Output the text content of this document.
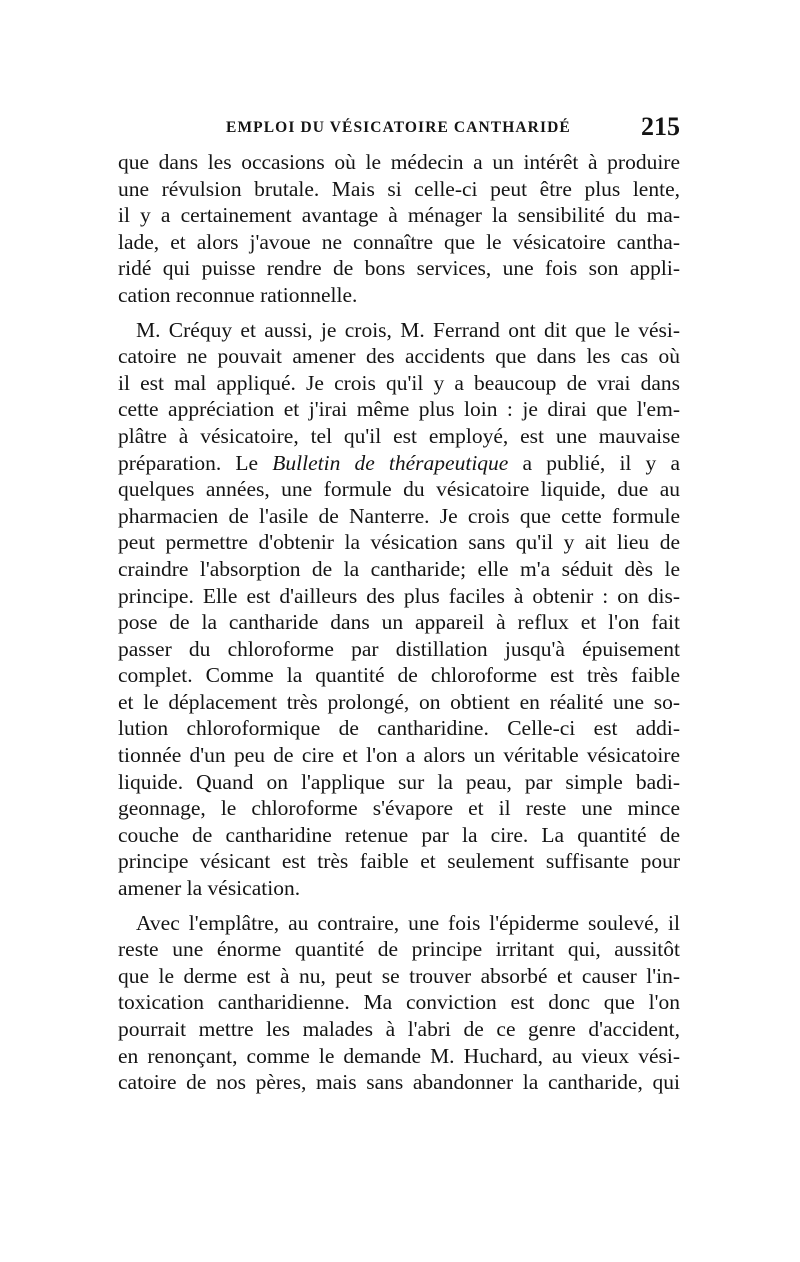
EMPLOI DU VÉSICATOIRE CANTHARIDÉ	215
que dans les occasions où le médecin a un intérêt à produire
une révulsion brutale. Mais si celle-ci peut être plus lente,
il y a certainement avantage à ménager la sensibilité du ma-
lade, et alors j'avoue ne connaître que le vésicatoire cantha-
ridé qui puisse rendre de bons services, une fois son appli-
cation reconnue rationnelle.
M. Créquy et aussi, je crois, M. Ferrand ont dit que le vési-
catoire ne pouvait amener des accidents que dans les cas où
il est mal appliqué. Je crois qu'il y a beaucoup de vrai dans
cette appréciation et j'irai même plus loin : je dirai que l'em-
plâtre à vésicatoire, tel qu'il est employé, est une mauvaise
préparation. Le Bulletin de thérapeutique a publié, il y a
quelques années, une formule du vésicatoire liquide, due au
pharmacien de l'asile de Nanterre. Je crois que cette formule
peut permettre d'obtenir la vésication sans qu'il y ait lieu de
craindre l'absorption de la cantharide; elle m'a séduit dès le
principe. Elle est d'ailleurs des plus faciles à obtenir : on dis-
pose de la cantharide dans un appareil à reflux et l'on fait
passer du chloroforme par distillation jusqu'à épuisement
complet. Comme la quantité de chloroforme est très faible
et le déplacement très prolongé, on obtient en réalité une so-
lution chloroformique de cantharidine. Celle-ci est addi-
tionnée d'un peu de cire et l'on a alors un véritable vésicatoire
liquide. Quand on l'applique sur la peau, par simple badi-
geonnage, le chloroforme s'évapore et il reste une mince
couche de cantharidine retenue par la cire. La quantité de
principe vésicant est très faible et seulement suffisante pour
amener la vésication.
Avec l'emplâtre, au contraire, une fois l'épiderme soulevé, il
reste une énorme quantité de principe irritant qui, aussitôt
que le derme est à nu, peut se trouver absorbé et causer l'in-
toxication cantharidienne. Ma conviction est donc que l'on
pourrait mettre les malades à l'abri de ce genre d'accident,
en renonçant, comme le demande M. Huchard, au vieux vési-
catoire de nos pères, mais sans abandonner la cantharide, qui
